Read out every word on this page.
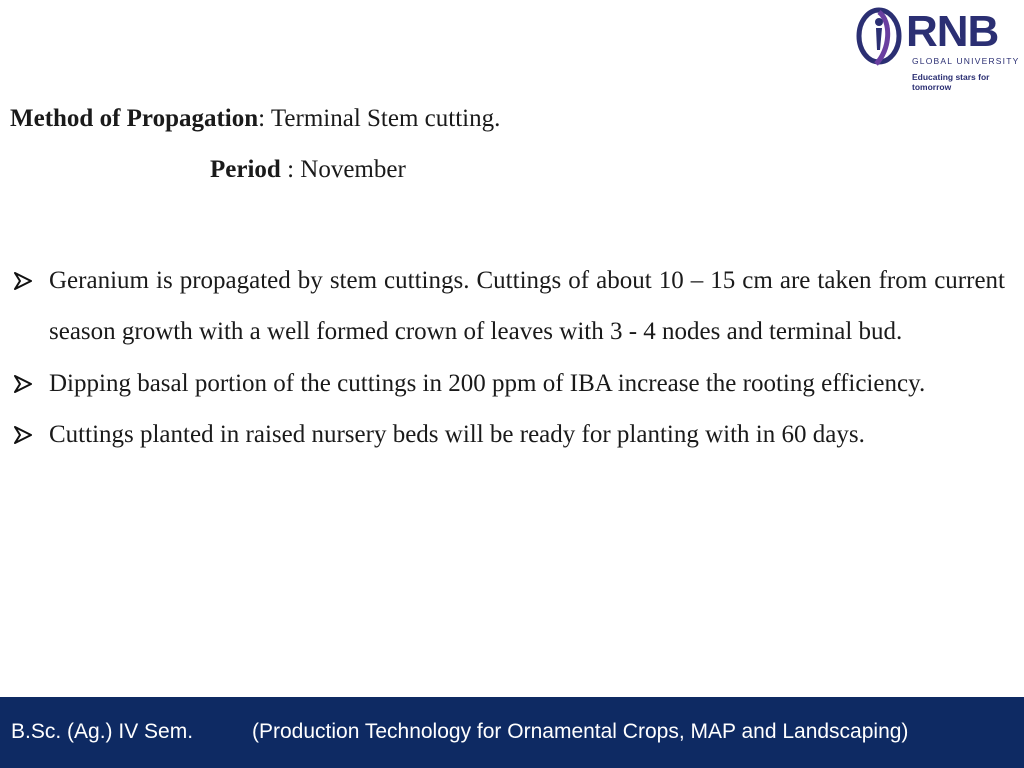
RNB
GLOBAL UNIVERSITY
Educating stars for tomorrow
Method of Propagation: Terminal Stem cutting.
Period : November
Geranium is propagated by stem cuttings. Cuttings of about 10 – 15 cm are taken from current season growth with a well formed crown of leaves with 3 - 4 nodes and terminal bud.
Dipping basal portion of the cuttings in 200 ppm of IBA increase the rooting efficiency.
Cuttings planted in raised nursery beds will be ready for planting with in 60 days.
B.Sc. (Ag.) IV Sem.	(Production Technology for Ornamental Crops, MAP and Landscaping)
